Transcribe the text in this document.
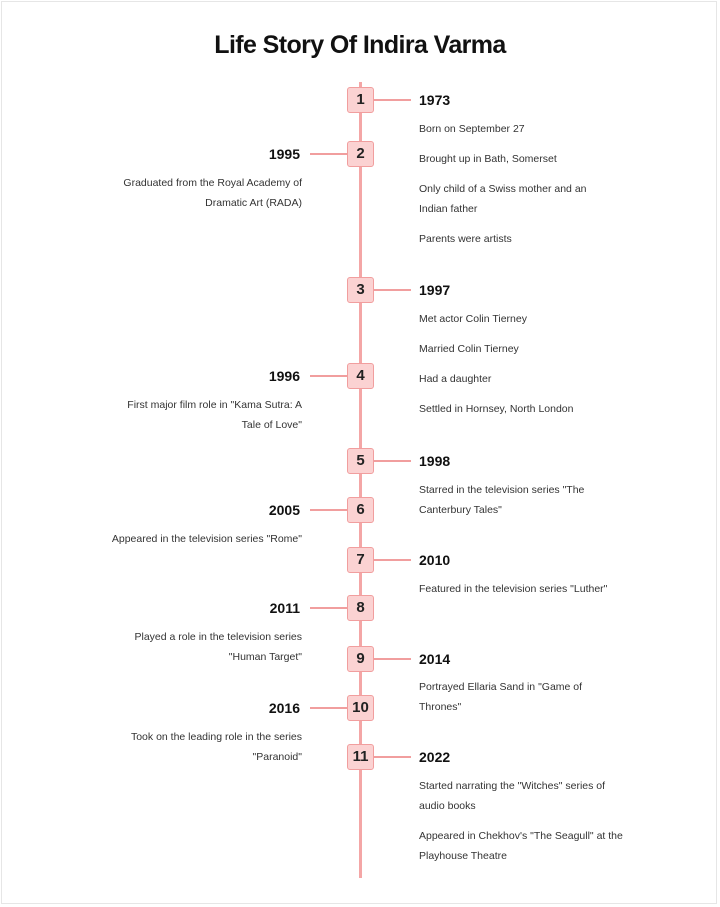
Life Story Of Indira Varma
1	1973
Born on September 27
Brought up in Bath, Somerset
Only child of a Swiss mother and an Indian father
Parents were artists
2
1995
Graduated from the Royal Academy of Dramatic Art (RADA)
3	1997
Met actor Colin Tierney
Married Colin Tierney
Had a daughter
Settled in Hornsey, North London
4
1996
First major film role in "Kama Sutra: A Tale of Love"
5	1998
Starred in the television series "The Canterbury Tales"
6
2005
Appeared in the television series "Rome"
7	2010
Featured in the television series "Luther"
8
2011
Played a role in the television series "Human Target"	9	2014
Portrayed Ellaria Sand in "Game of Thrones"
10
2016
Took on the leading role in the series "Paranoid"	11	2022
Started narrating the "Witches" series of audio books
Appeared in Chekhov's "The Seagull" at the Playhouse Theatre
